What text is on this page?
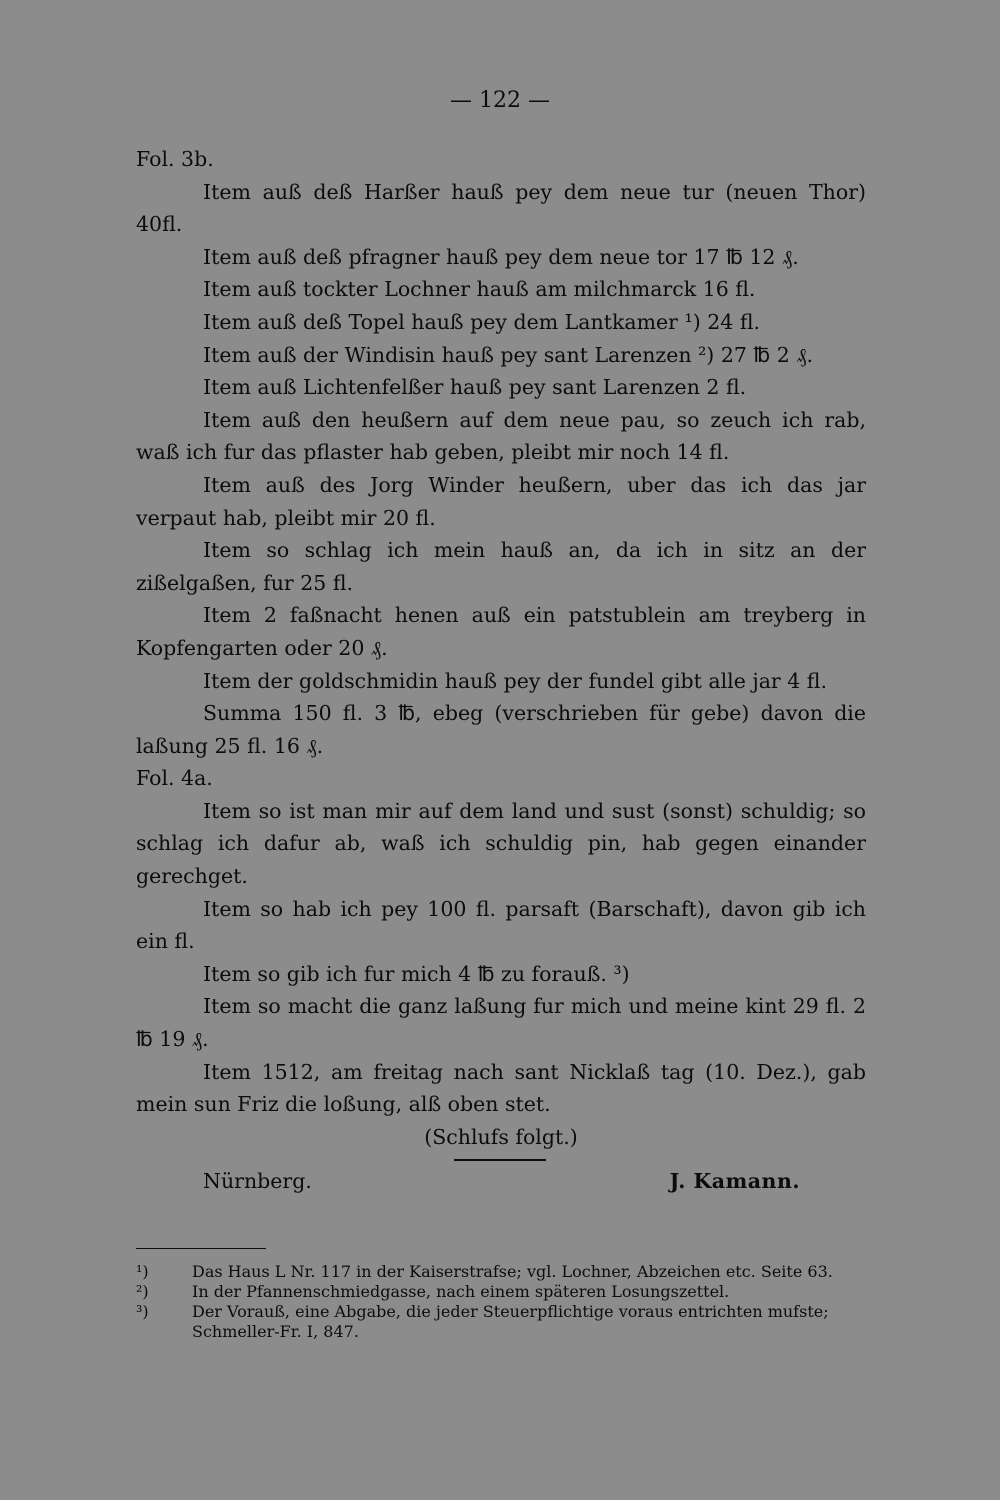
— 122 —
Fol. 3b.
Item auß deß Harßer hauß pey dem neue tur (neuen Thor) 40fl.
Item auß deß pfragner hauß pey dem neue tor 17 ℔ 12 ₰.
Item auß tockter Lochner hauß am milchmarck 16 fl.
Item auß deß Topel hauß pey dem Lantkamer ¹) 24 fl.
Item auß der Windisin hauß pey sant Larenzen ²) 27 ℔ 2 ₰.
Item auß Lichtenfelßer hauß pey sant Larenzen 2 fl.
Item auß den heußern auf dem neue pau, so zeuch ich rab, waß ich fur das pflaster hab geben, pleibt mir noch 14 fl.
Item auß des Jorg Winder heußern, uber das ich das jar verpaut hab, pleibt mir 20 fl.
Item so schlag ich mein hauß an, da ich in sitz an der zißelgaßen, fur 25 fl.
Item 2 faßnacht henen auß ein patstublein am treyberg in Kopfengarten oder 20 ₰.
Item der goldschmidin hauß pey der fundel gibt alle jar 4 fl.
Summa 150 fl. 3 ℔, ebeg (verschrieben für gebe) davon die laßung 25 fl. 16 ₰.
Fol. 4a.
Item so ist man mir auf dem land und sust (sonst) schuldig; so schlag ich dafur ab, waß ich schuldig pin, hab gegen einander gerechget.
Item so hab ich pey 100 fl. parsaft (Barschaft), davon gib ich ein fl.
Item so gib ich fur mich 4 ℔ zu forauß. ³)
Item so macht die ganz laßung fur mich und meine kint 29 fl. 2 ℔ 19 ₰.
Item 1512, am freitag nach sant Nicklaß tag (10. Dez.), gab mein sun Friz die loßung, alß oben stet.
(Schlufs folgt.)
Nürnberg.	J. Kamann.
¹)	Das Haus L Nr. 117 in der Kaiserstrafse; vgl. Lochner, Abzeichen etc. Seite 63.
²)	In der Pfannenschmiedgasse, nach einem späteren Losungszettel.
³)	Der Vorauß, eine Abgabe, die jeder Steuerpflichtige voraus entrichten mufste; Schmeller-Fr. I, 847.
